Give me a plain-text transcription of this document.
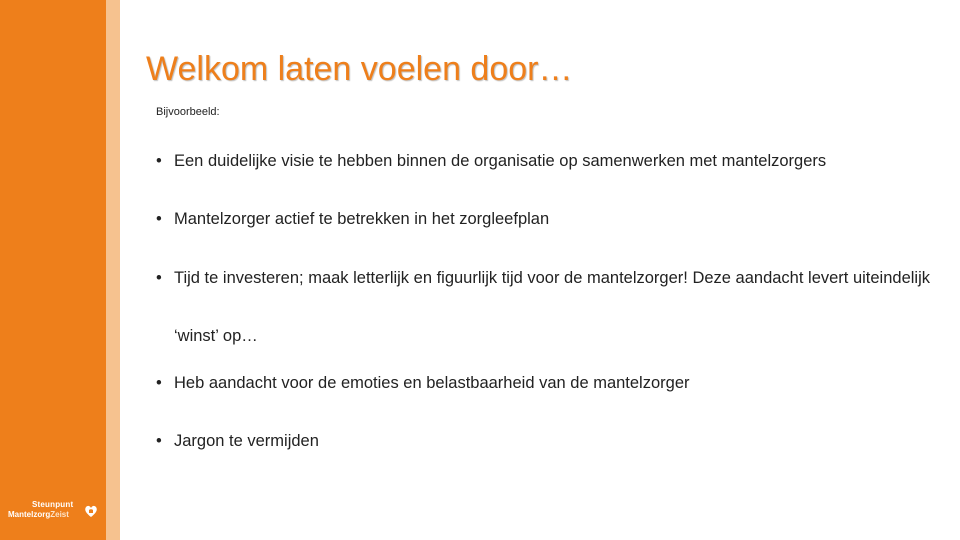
Steunpunt
MantelzorgZeist
Welkom laten voelen door…
Bijvoorbeeld:
• Een duidelijke visie te hebben binnen de organisatie op samenwerken met mantelzorgers
• Mantelzorger actief te betrekken in het zorgleefplan
• Tijd te investeren; maak letterlijk en figuurlijk tijd voor de mantelzorger! Deze aandacht levert uiteindelijk ‘winst’ op…
• Heb aandacht voor de emoties en belastbaarheid van de mantelzorger
• Jargon te vermijden
